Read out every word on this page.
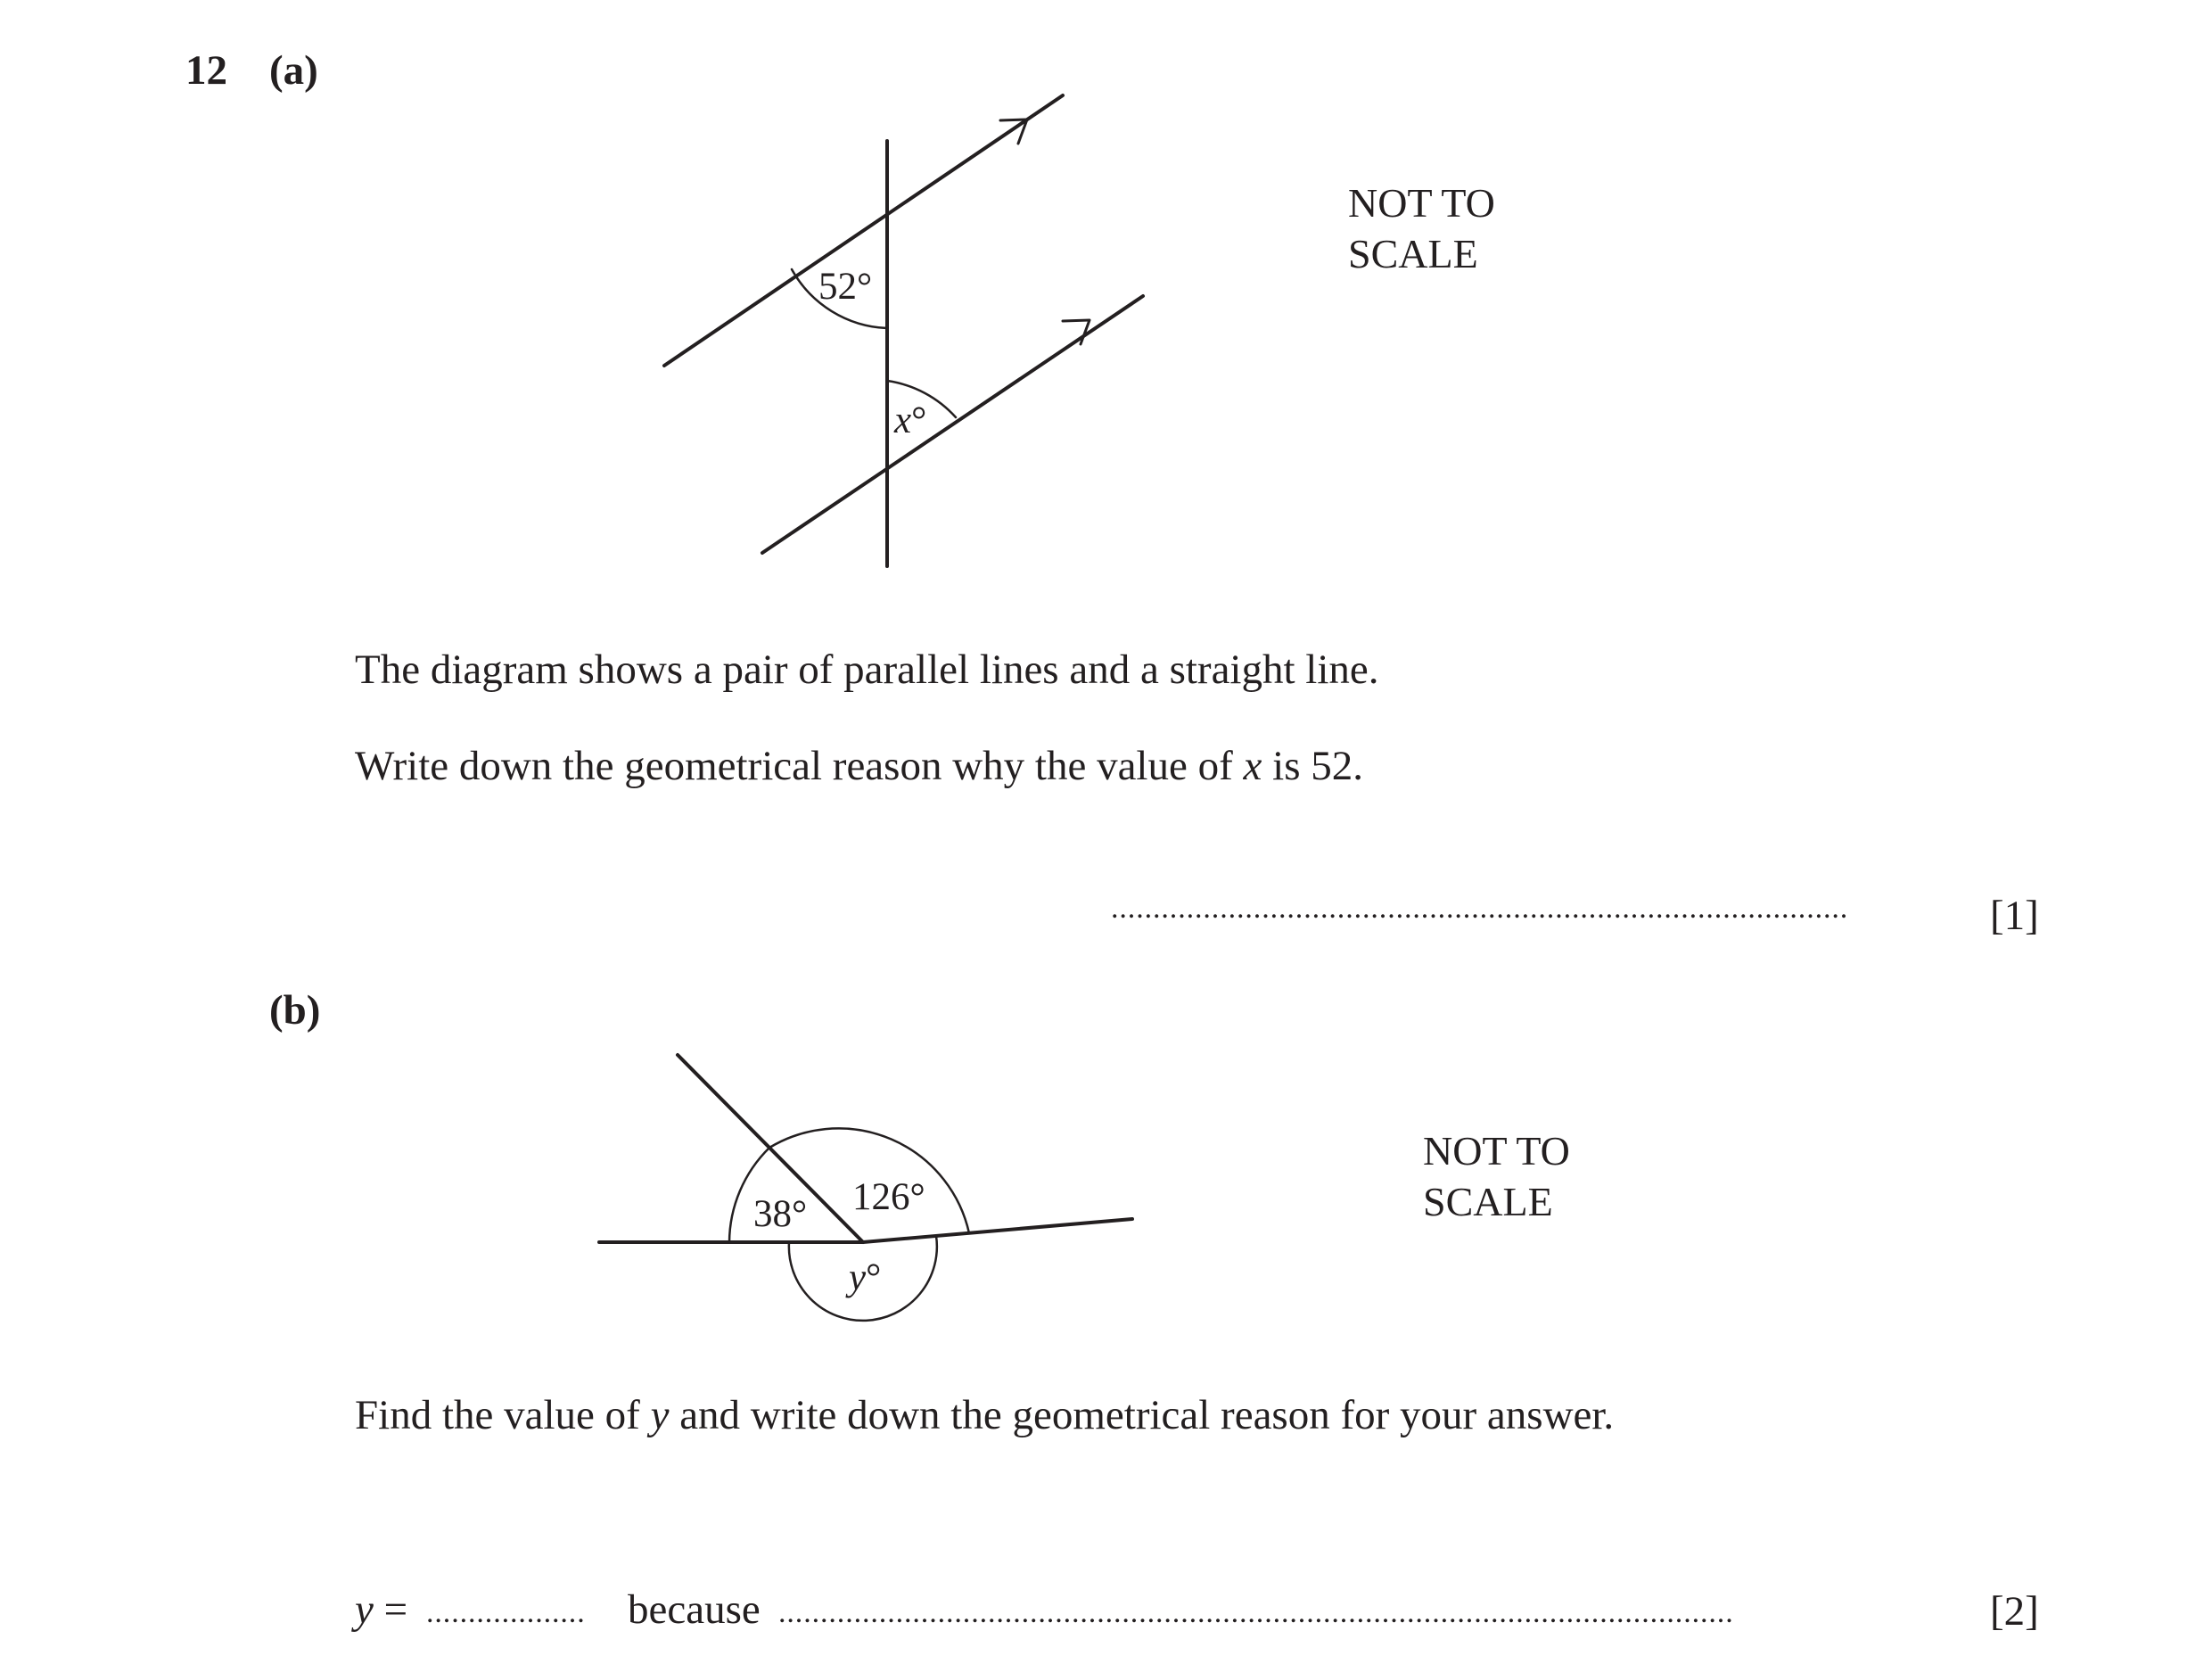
12 (a)
52°
x°
NOT TO
SCALE
The diagram shows a pair of parallel lines and a straight line.
Write down the geometrical reason why the value of x is 52.
........................................................................................	[1]
(b)
38° 126°
y°
NOT TO
SCALE
Find the value of y and write down the geometrical reason for your answer.
y = ................... because ..................................................................................................................	[2]
